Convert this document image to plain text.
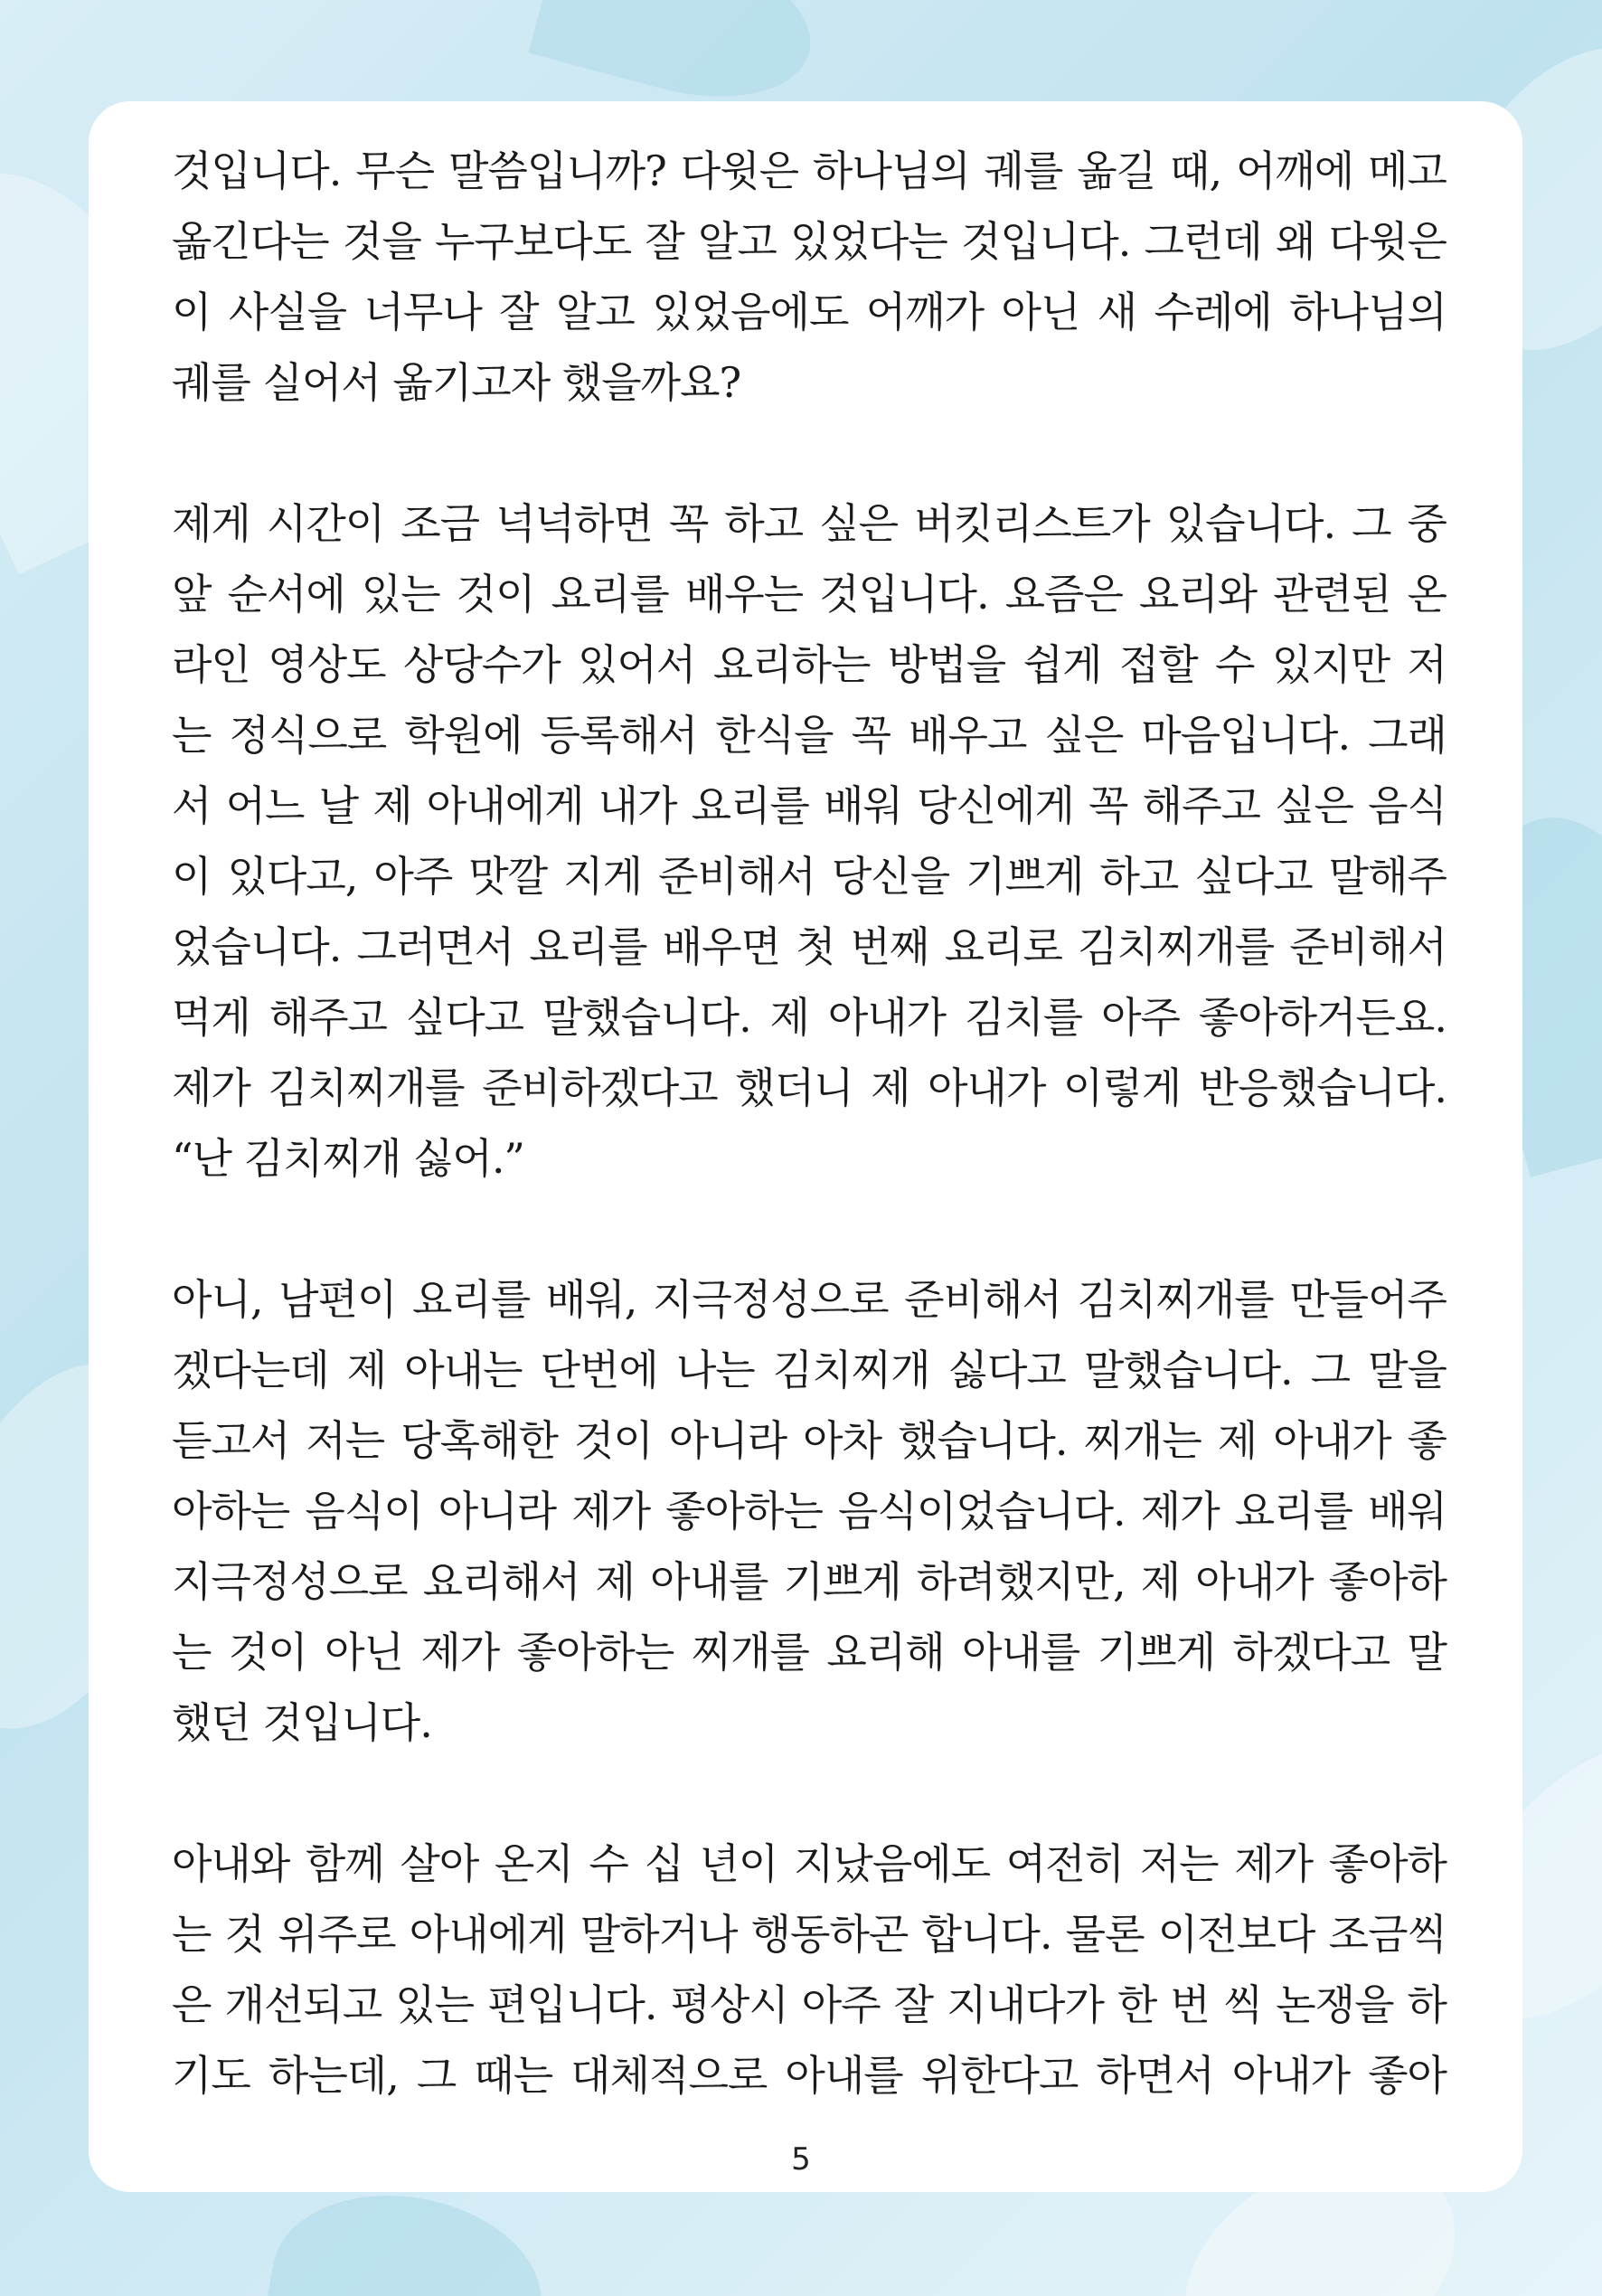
것입니다. 무슨 말씀입니까? 다윗은 하나님의 궤를 옮길 때, 어깨에 메고
옮긴다는 것을 누구보다도 잘 알고 있었다는 것입니다. 그런데 왜 다윗은
이 사실을 너무나 잘 알고 있었음에도 어깨가 아닌 새 수레에 하나님의
궤를 실어서 옮기고자 했을까요?
제게 시간이 조금 넉넉하면 꼭 하고 싶은 버킷리스트가 있습니다. 그 중
앞 순서에 있는 것이 요리를 배우는 것입니다. 요즘은 요리와 관련된 온
라인 영상도 상당수가 있어서 요리하는 방법을 쉽게 접할 수 있지만 저
는 정식으로 학원에 등록해서 한식을 꼭 배우고 싶은 마음입니다. 그래
서 어느 날 제 아내에게 내가 요리를 배워 당신에게 꼭 해주고 싶은 음식
이 있다고, 아주 맛깔 지게 준비해서 당신을 기쁘게 하고 싶다고 말해주
었습니다. 그러면서 요리를 배우면 첫 번째 요리로 김치찌개를 준비해서
먹게 해주고 싶다고 말했습니다. 제 아내가 김치를 아주 좋아하거든요.
제가 김치찌개를 준비하겠다고 했더니 제 아내가 이렇게 반응했습니다.
“난 김치찌개 싫어.”
아니, 남편이 요리를 배워, 지극정성으로 준비해서 김치찌개를 만들어주
겠다는데 제 아내는 단번에 나는 김치찌개 싫다고 말했습니다. 그 말을
듣고서 저는 당혹해한 것이 아니라 아차 했습니다. 찌개는 제 아내가 좋
아하는 음식이 아니라 제가 좋아하는 음식이었습니다. 제가 요리를 배워
지극정성으로 요리해서 제 아내를 기쁘게 하려했지만, 제 아내가 좋아하
는 것이 아닌 제가 좋아하는 찌개를 요리해 아내를 기쁘게 하겠다고 말
했던 것입니다.
아내와 함께 살아 온지 수 십 년이 지났음에도 여전히 저는 제가 좋아하
는 것 위주로 아내에게 말하거나 행동하곤 합니다. 물론 이전보다 조금씩
은 개선되고 있는 편입니다. 평상시 아주 잘 지내다가 한 번 씩 논쟁을 하
기도 하는데, 그 때는 대체적으로 아내를 위한다고 하면서 아내가 좋아
5
